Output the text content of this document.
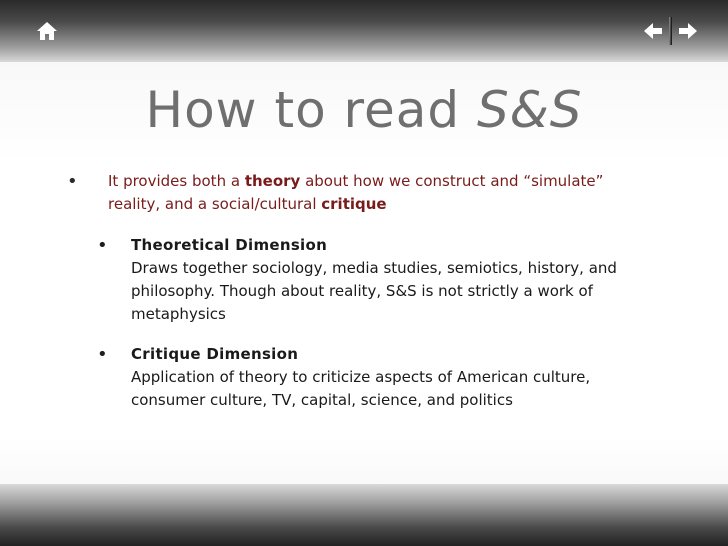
How to read S&S
• It provides both a theory about how we construct and “simulate” reality, and a social/cultural critique
• Theoretical Dimension
Draws together sociology, media studies, semiotics, history, and philosophy. Though about reality, S&S is not strictly a work of metaphysics
• Critique Dimension
Application of theory to criticize aspects of American culture, consumer culture, TV, capital, science, and politics
